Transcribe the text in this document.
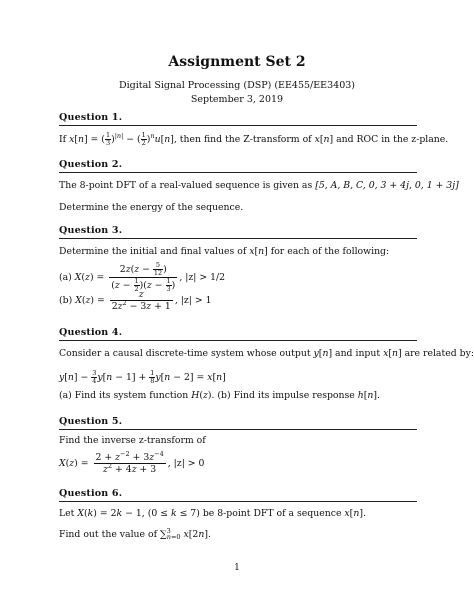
Assignment Set 2
Digital Signal Processing (DSP) (EE455/EE3403)
September 3, 2019
Question 1.
If x[n] = ( $\frac{1}{3} )^{|n|}$ − ( $\frac{1}{2} )^nu[n]$, then find the Z-transform of x[n] and ROC in the z-plane.
Question 2.
The 8-point DFT of a real-valued sequence is given as [5, A, B, C, 0, 3 + 4j, 0, 1 + 3j]
Determine the energy of the sequence.
Question 3.
Determine the initial and final values of x[n] for each of the following:
(a) $X(z) = \frac{2z(z - \frac{5}{12} )}{(z - \frac{1}{2} )(z - \frac{1}{3} )}$ , |z| > 1/2
(b) $X(z) = \frac{z}{2z^2 - 3z + 1}$ , |z| > 1
Question 4.
Consider a causal discrete-time system whose output y[n] and input x[n] are related by:
$y[n] - \frac{3}{4} y[n - 1] + \frac{1}{8} y[n - 2] = x[n]$
(a) Find its system function H(z). (b) Find its impulse response h[n].
Question 5.
Find the inverse z-transform of
$X(z) = \frac{2 + z^{-2} + 3z^{-4}}{z^2 + 4z + 3}$ , |z| > 0
Question 6.
Let X(k) = 2k − 1, (0 ≤ k ≤ 7) be 8-point DFT of a sequence x[n].
Find out the value of ∑$^3_{n=0}$ x[2n].
1
